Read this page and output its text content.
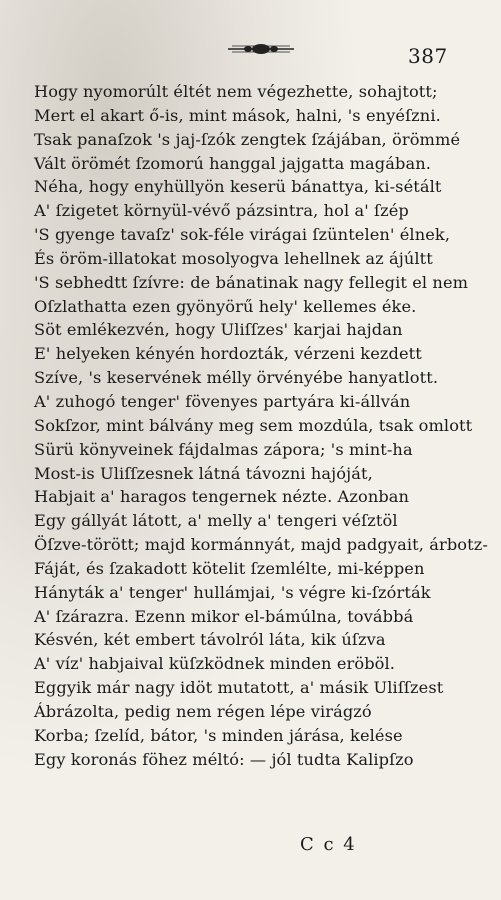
387
Hogy nyomorúlt éltét nem végezhette, sohajtott;
Mert el akart ő-is, mint mások, halni, 's enyéſzni.
Tsak panaſzok 's jaj-ſzók zengtek ſzájában, örömmé
Vált örömét ſzomorú hanggal jajgatta magában.
Néha, hogy enyhüllyön keserü bánattya, ki-sétált
A' ſzigetet környül-vévő pázsintra, hol a' ſzép
'S gyenge tavaſz' sok-féle virágai ſzüntelen' élnek,
És öröm-illatokat mosolyogva lehellnek az ájúltt
'S sebhedtt ſzívre: de bánatinak nagy fellegit el nem
Oſzlathatta ezen gyönyörű hely' kellemes éke.
Söt emlékezvén, hogy Uliſſzes' karjai hajdan
E' helyeken kényén hordozták, vérzeni kezdett
Szíve, 's keservének mélly örvényébe hanyatlott.
A' zuhogó tenger' fövenyes partyára ki-állván
Sokſzor, mint bálvány meg sem mozdúla, tsak omlott
Sürü könyveinek fájdalmas zápora; 's mint-ha
Most-is Uliſſzesnek látná távozni hajóját,
Habjait a' haragos tengernek nézte. Azonban
Egy gállyát látott, a' melly a' tengeri véſztöl
Öſzve-törött; majd kormánnyát, majd padgyait, árbotz-
Fáját, és ſzakadott kötelit ſzemlélte, mi-képpen
Hányták a' tenger' hullámjai, 's végre ki-ſzórták
A' ſzárazra. Ezenn mikor el-bámúlna, továbbá
Késvén, két embert távolról láta, kik úſzva
A' víz' habjaival küſzködnek minden eröböl.
Eggyik már nagy idöt mutatott, a' másik Uliſſzest
Ábrázolta, pedig nem régen lépe virágzó
Korba; ſzelíd, bátor, 's minden járása, kelése
Egy koronás föhez méltó: — jól tudta Kalipſzo
C c 4
